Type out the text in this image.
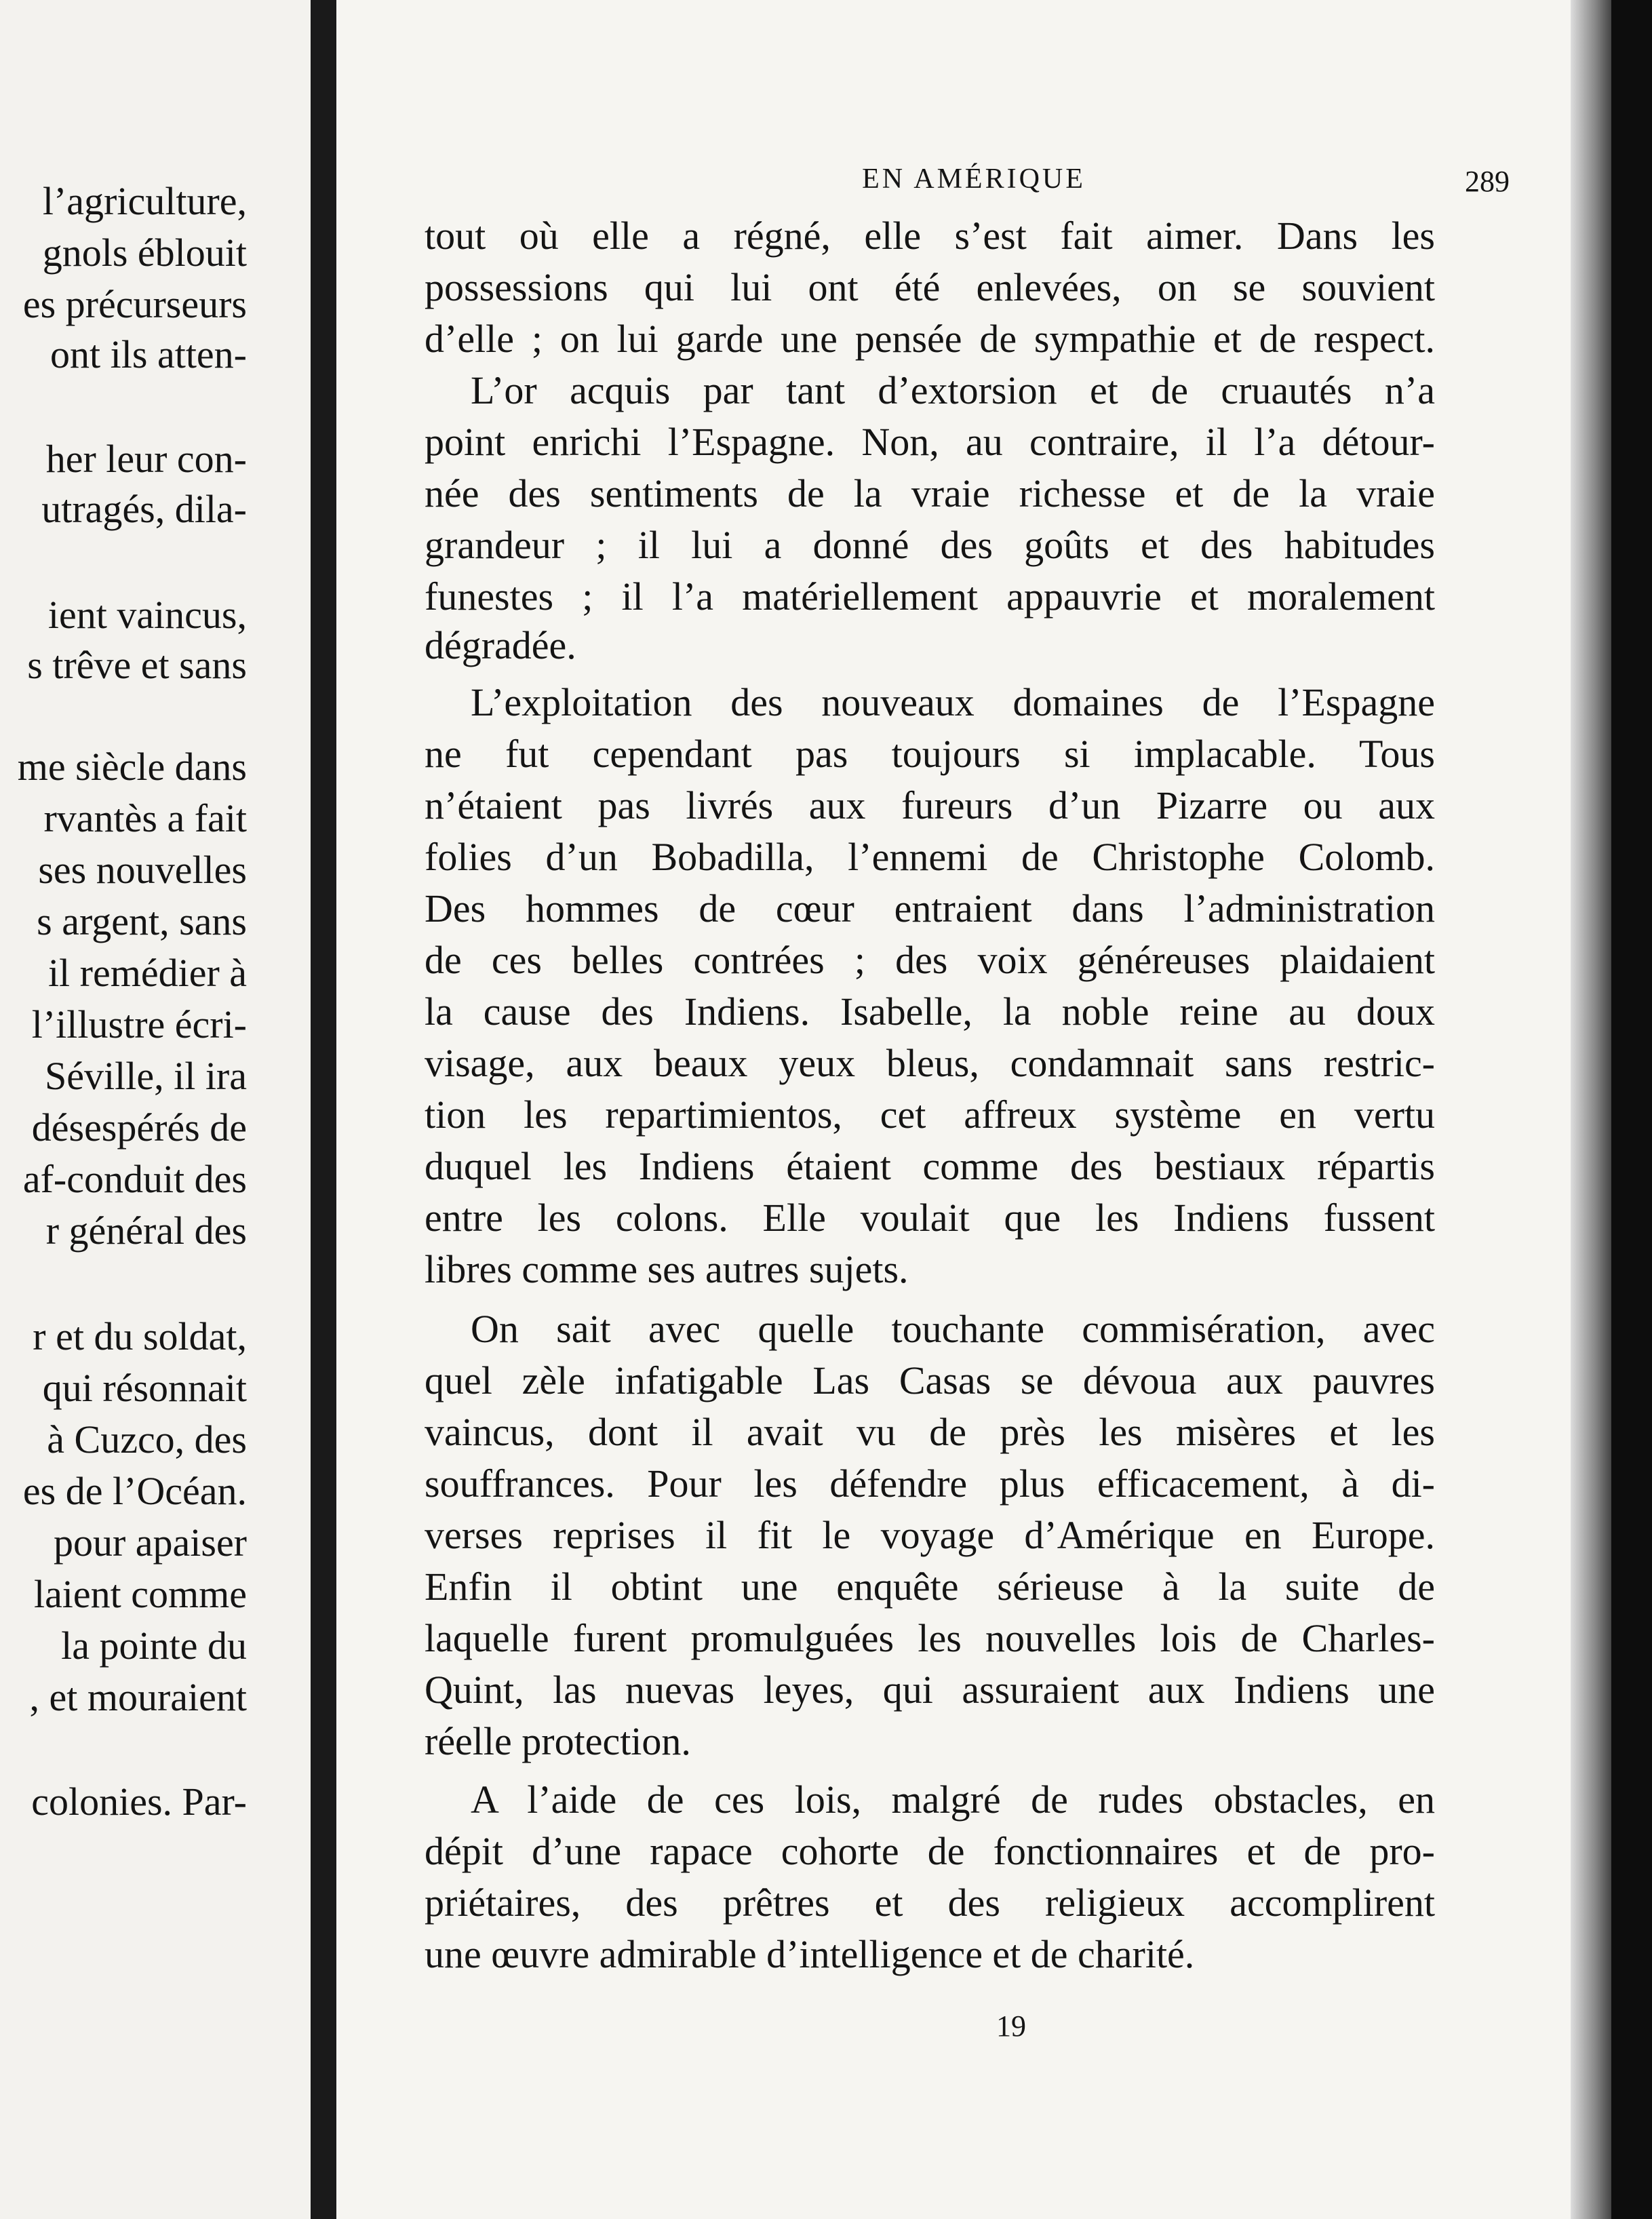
l’agriculture,
gnols éblouit
es précurseurs
ont ils atten-
her leur con-
utragés, dila-
ient vaincus,
s trêve et sans
me siècle dans
rvantès a fait
ses nouvelles
s argent, sans
il remédier à
l’illustre écri-
Séville, il ira
désespérés de
af-conduit des
r général des
r et du soldat,
qui résonnait
à Cuzco, des
es de l’Océan.
pour apaiser
laient comme
la pointe du
, et mouraient
colonies. Par-
EN AMÉRIQUE	289
tout où elle a régné, elle s’est fait aimer. Dans les
possessions qui lui ont été enlevées, on se souvient
d’elle ; on lui garde une pensée de sympathie et de respect.
L’or acquis par tant d’extorsion et de cruautés n’a
point enrichi l’Espagne. Non, au contraire, il l’a détour-
née des sentiments de la vraie richesse et de la vraie
grandeur ; il lui a donné des goûts et des habitudes
funestes ; il l’a matériellement appauvrie et moralement
dégradée.
L’exploitation des nouveaux domaines de l’Espagne
ne fut cependant pas toujours si implacable. Tous
n’étaient pas livrés aux fureurs d’un Pizarre ou aux
folies d’un Bobadilla, l’ennemi de Christophe Colomb.
Des hommes de cœur entraient dans l’administration
de ces belles contrées ; des voix généreuses plaidaient
la cause des Indiens. Isabelle, la noble reine au doux
visage, aux beaux yeux bleus, condamnait sans restric-
tion les repartimientos, cet affreux système en vertu
duquel les Indiens étaient comme des bestiaux répartis
entre les colons. Elle voulait que les Indiens fussent
libres comme ses autres sujets.
On sait avec quelle touchante commisération, avec
quel zèle infatigable Las Casas se dévoua aux pauvres
vaincus, dont il avait vu de près les misères et les
souffrances. Pour les défendre plus efficacement, à di-
verses reprises il fit le voyage d’Amérique en Europe.
Enfin il obtint une enquête sérieuse à la suite de
laquelle furent promulguées les nouvelles lois de Charles-
Quint, las nuevas leyes, qui assuraient aux Indiens une
réelle protection.
A l’aide de ces lois, malgré de rudes obstacles, en
dépit d’une rapace cohorte de fonctionnaires et de pro-
priétaires, des prêtres et des religieux accomplirent
une œuvre admirable d’intelligence et de charité.
19
